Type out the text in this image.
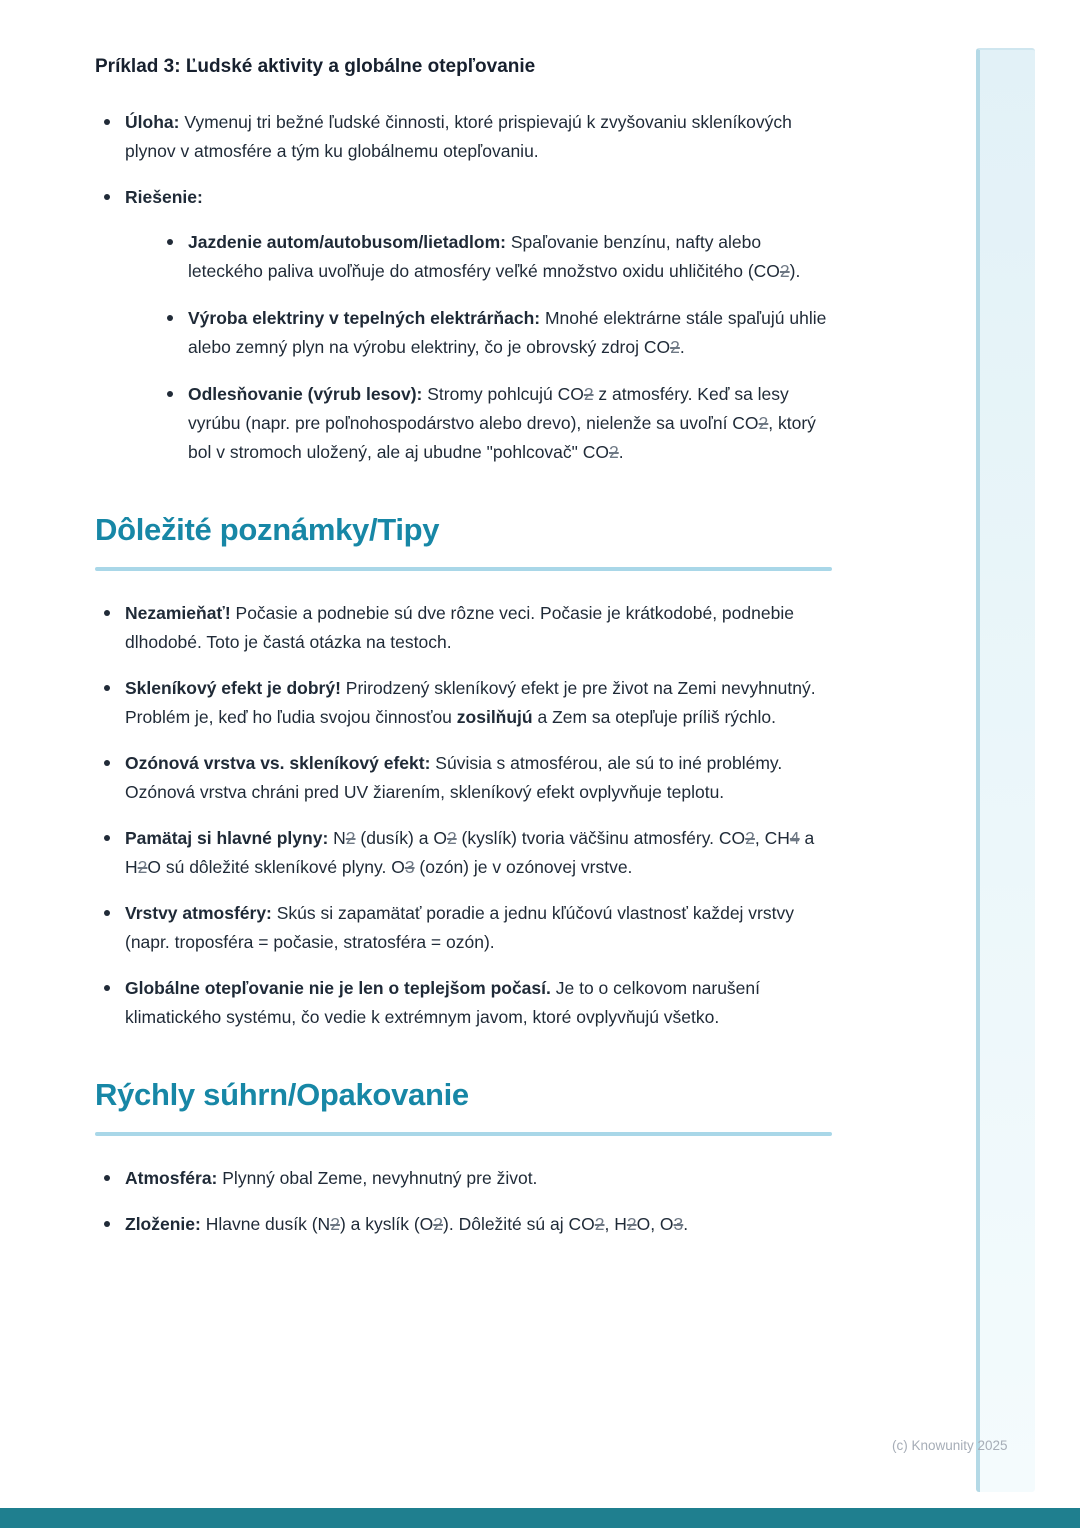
Príklad 3: Ľudské aktivity a globálne otepľovanie
Úloha: Vymenuj tri bežné ľudské činnosti, ktoré prispievajú k zvyšovaniu skleníkových plynov v atmosfére a tým ku globálnemu otepľovaniu.
Riešenie:
Jazdenie autom/autobusom/lietadlom: Spaľovanie benzínu, nafty alebo leteckého paliva uvoľňuje do atmosféry veľké množstvo oxidu uhličitého (CO2).
Výroba elektriny v tepelných elektrárňach: Mnohé elektrárne stále spaľujú uhlie alebo zemný plyn na výrobu elektriny, čo je obrovský zdroj CO2.
Odlesňovanie (výrub lesov): Stromy pohlcujú CO2 z atmosféry. Keď sa lesy vyrúbu (napr. pre poľnohospodárstvo alebo drevo), nielenže sa uvoľní CO2, ktorý bol v stromoch uložený, ale aj ubudne "pohlcovač" CO2.
Dôležité poznámky/Tipy
Nezamieňať! Počasie a podnebie sú dve rôzne veci. Počasie je krátkodobé, podnebie dlhodobé. Toto je častá otázka na testoch.
Skleníkový efekt je dobrý! Prirodzený skleníkový efekt je pre život na Zemi nevyhnutný. Problém je, keď ho ľudia svojou činnosťou zosilňujú a Zem sa otepľuje príliš rýchlo.
Ozónová vrstva vs. skleníkový efekt: Súvisia s atmosférou, ale sú to iné problémy. Ozónová vrstva chráni pred UV žiarením, skleníkový efekt ovplyvňuje teplotu.
Pamätaj si hlavné plyny: N2 (dusík) a O2 (kyslík) tvoria väčšinu atmosféry. CO2, CH4 a H2O sú dôležité skleníkové plyny. O3 (ozón) je v ozónovej vrstve.
Vrstvy atmosféry: Skús si zapamätať poradie a jednu kľúčovú vlastnosť každej vrstvy (napr. troposféra = počasie, stratosféra = ozón).
Globálne otepľovanie nie je len o teplejšom počasí. Je to o celkovom narušení klimatického systému, čo vedie k extrémnym javom, ktoré ovplyvňujú všetko.
Rýchly súhrn/Opakovanie
Atmosféra: Plynný obal Zeme, nevyhnutný pre život.
Zloženie: Hlavne dusík (N2) a kyslík (O2). Dôležité sú aj CO2, H2O, O3.
(c) Knowunity 2025
